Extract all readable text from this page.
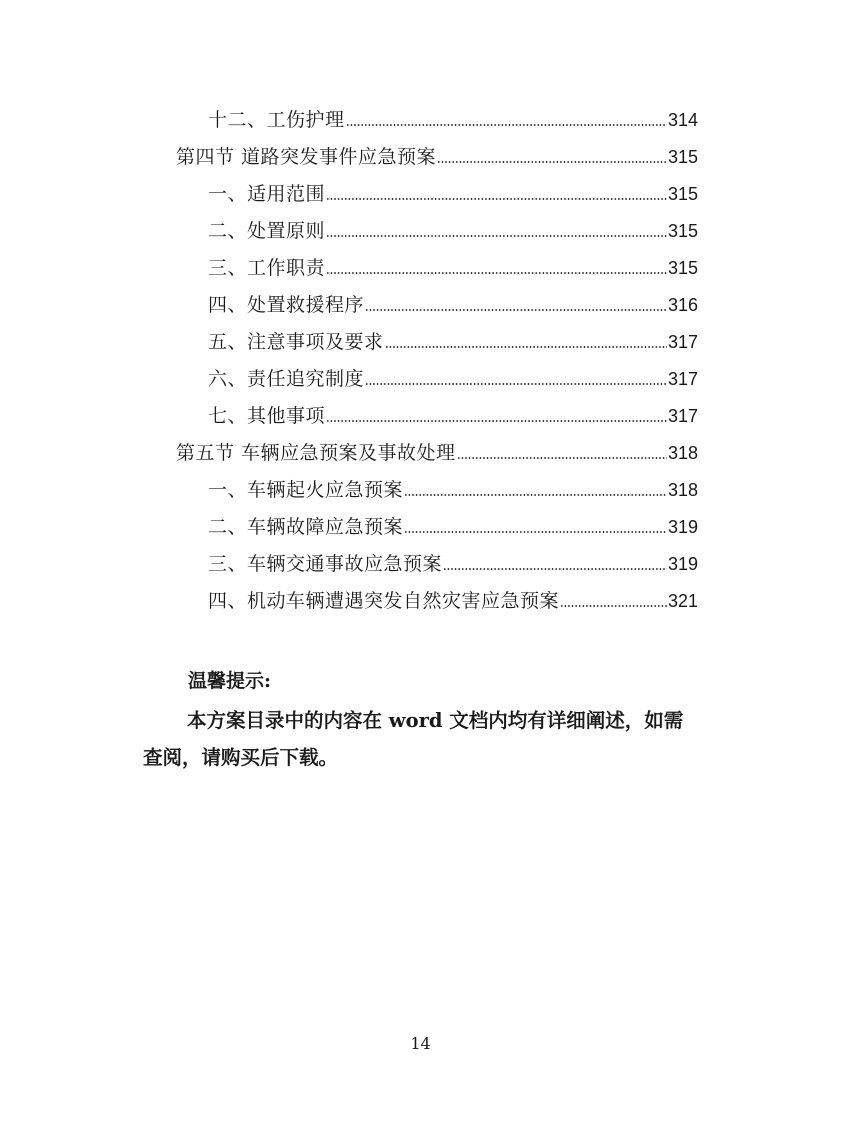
十二、工伤护理	314
第四节 道路突发事件应急预案	315
一、适用范围	315
二、处置原则	315
三、工作职责	315
四、处置救援程序	316
五、注意事项及要求	317
六、责任追究制度	317
七、其他事项	317
第五节 车辆应急预案及事故处理	318
一、车辆起火应急预案	318
二、车辆故障应急预案	319
三、车辆交通事故应急预案	319
四、机动车辆遭遇突发自然灾害应急预案	321
温馨提示:
本方案目录中的内容在 word 文档内均有详细阐述，如需查阅，请购买后下载。
14
